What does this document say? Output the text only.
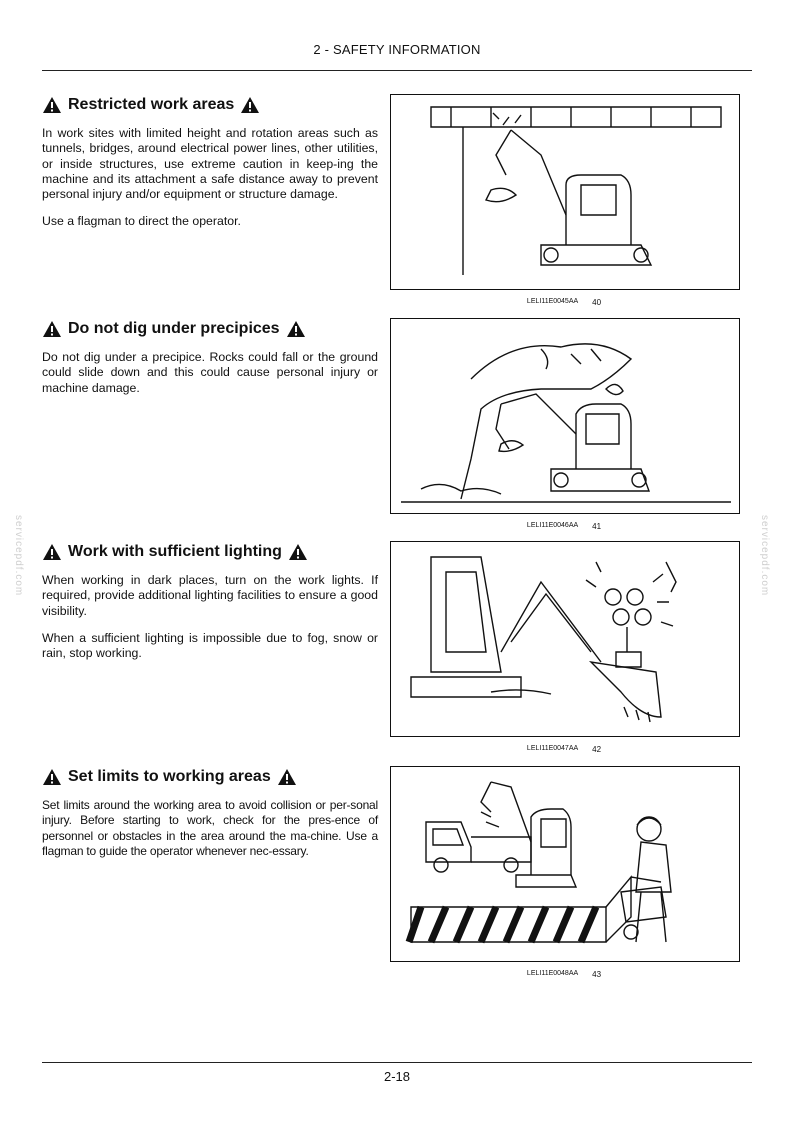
2 - SAFETY INFORMATION
servicepdf.com	servicepdf.com
Restricted work areas

In work sites with limited height and rotation areas such as tunnels, bridges, around electrical power lines, other utilities, or inside structures, use extreme caution in keep-ing the machine and its attachment a safe distance away to prevent personal injury and/or equipment or structure damage.

Use a flagman to direct the operator.

LELI11E0045AA 40
Do not dig under precipices

Do not dig under a precipice. Rocks could fall or the ground could slide down and this could cause personal injury or machine damage.

LELI11E0046AA 41
Work with sufficient lighting

When working in dark places, turn on the work lights. If required, provide additional lighting facilities to ensure a good visibility.

When a sufficient lighting is impossible due to fog, snow or rain, stop working.

LELI11E0047AA 42
Set limits to working areas

Set limits around the working area to avoid collision or per-sonal injury. Before starting to work, check for the pres-ence of personnel or obstacles in the area around the ma-chine. Use a flagman to guide the operator whenever nec-essary.

LELI11E0048AA 43
2-18
